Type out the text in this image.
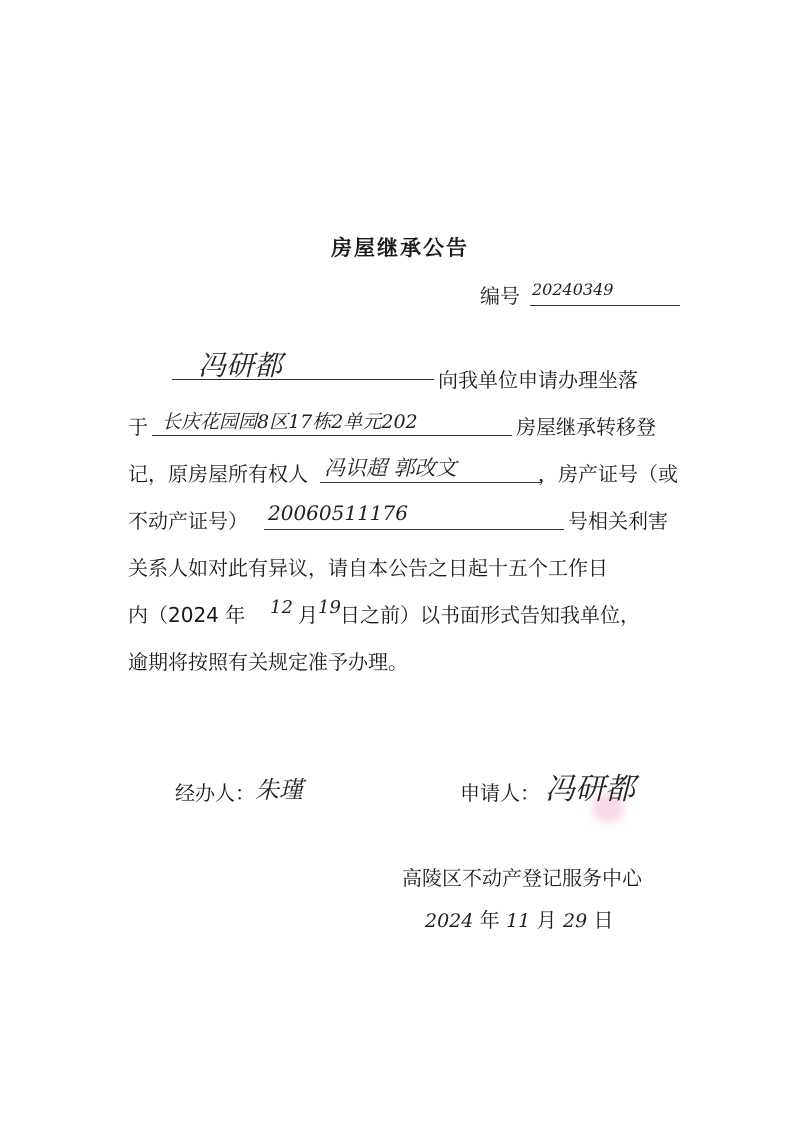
房屋继承公告
编号 20240349
冯研都	向我单位申请办理坐落
于 长庆花园园8区17栋2单元202	房屋继承转移登
记，原房屋所有权人 冯识超 郭改文	，房产证号（或
不动产证号） 20060511176	号相关利害
关系人如对此有异议，请自本公告之日起十五个工作日
内（2024 年 12 月 19 日之前）以书面形式告知我单位，
逾期将按照有关规定准予办理。
经办人： 朱瑾	申请人： 冯研都
高陵区不动产登记服务中心
2024 年 11 月 29 日
